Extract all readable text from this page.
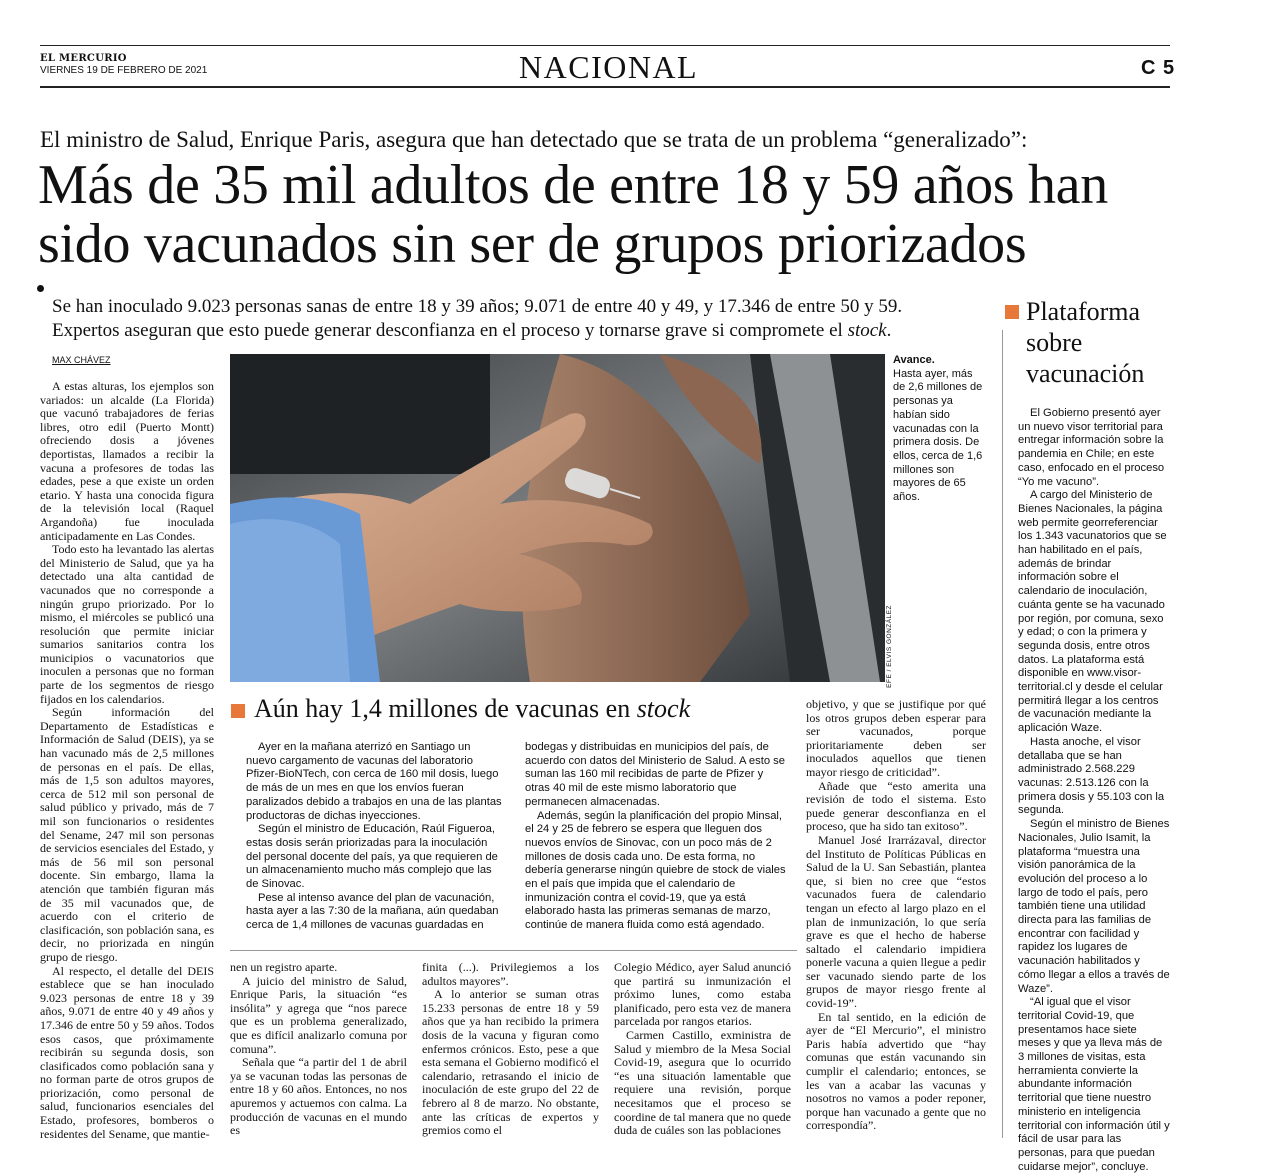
EL MERCURIO
VIERNES 19 DE FEBRERO DE 2021	NACIONAL	C 5
El ministro de Salud, Enrique Paris, asegura que han detectado que se trata de un problema “generalizado”:
Más de 35 mil adultos de entre 18 y 59 años han
sido vacunados sin ser de grupos priorizados
Se han inoculado 9.023 personas sanas de entre 18 y 39 años; 9.071 de entre 40 y 49, y 17.346 de entre 50 y 59.
Expertos aseguran que esto puede generar desconfianza en el proceso y tornarse grave si compromete el stock.
MAX CHÁVEZ

A estas alturas, los ejemplos son variados: un alcalde (La Florida) que vacunó trabajadores de ferias libres, otro edil (Puerto Montt) ofreciendo dosis a jóvenes deportistas, llamados a recibir la vacuna a profesores de todas las edades, pese a que existe un orden etario. Y hasta una conocida figura de la televisión local (Raquel Argandoña) fue inoculada anticipadamente en Las Condes.

Todo esto ha levantado las alertas del Ministerio de Salud, que ya ha detectado una alta cantidad de vacunados que no corresponde a ningún grupo priorizado. Por lo mismo, el miércoles se publicó una resolución que permite iniciar sumarios sanitarios contra los municipios o vacunatorios que inoculen a personas que no forman parte de los segmentos de riesgo fijados en los calendarios.

Según información del Departamento de Estadísticas e Información de Salud (DEIS), ya se han vacunado más de 2,5 millones de personas en el país. De ellas, más de 1,5 son adultos mayores, cerca de 512 mil son personal de salud público y privado, más de 7 mil son funcionarios o residentes del Sename, 247 mil son personas de servicios esenciales del Estado, y más de 56 mil son personal docente. Sin embargo, llama la atención que también figuran más de 35 mil vacunados que, de acuerdo con el criterio de clasificación, son población sana, es decir, no priorizada en ningún grupo de riesgo.

Al respecto, el detalle del DEIS establece que se han inoculado 9.023 personas de entre 18 y 39 años, 9.071 de entre 40 y 49 años y 17.346 de entre 50 y 59 años. Todos esos casos, que próximamente recibirán su segunda dosis, son clasificados como población sana y no forman parte de otros grupos de priorización, como personal de salud, funcionarios esenciales del Estado, profesores, bomberos o residentes del Sename, que mantie-

EFE / ELVIS GONZÁLEZ
Avance.
Hasta ayer, más de 2,6 millones de personas ya habían sido vacunadas con la primera dosis. De ellos, cerca de 1,6 millones son mayores de 65 años.
Aún hay 1,4 millones de vacunas en stock

Ayer en la mañana aterrizó en Santiago un nuevo cargamento de vacunas del laboratorio Pfizer-BioNTech, con cerca de 160 mil dosis, luego de más de un mes en que los envíos fueran paralizados debido a trabajos en una de las plantas productoras de dichas inyecciones.

Según el ministro de Educación, Raúl Figueroa, estas dosis serán priorizadas para la inoculación del personal docente del país, ya que requieren de un almacenamiento mucho más complejo que las de Sinovac.

Pese al intenso avance del plan de vacunación, hasta ayer a las 7:30 de la mañana, aún quedaban cerca de 1,4 millones de vacunas guardadas en

bodegas y distribuidas en municipios del país, de acuerdo con datos del Ministerio de Salud. A esto se suman las 160 mil recibidas de parte de Pfizer y otras 40 mil de este mismo laboratorio que permanecen almacenadas.

Además, según la planificación del propio Minsal, el 24 y 25 de febrero se espera que lleguen dos nuevos envíos de Sinovac, con un poco más de 2 millones de dosis cada uno. De esta forma, no debería generarse ningún quiebre de stock de viales en el país que impida que el calendario de inmunización contra el covid-19, que ya está elaborado hasta las primeras semanas de marzo, continúe de manera fluida como está agendado.

nen un registro aparte.

A juicio del ministro de Salud, Enrique Paris, la situación “es insólita” y agrega que “nos parece que es un problema generalizado, que es difícil analizarlo comuna por comuna”.

Señala que “a partir del 1 de abril ya se vacunan todas las personas de entre 18 y 60 años. Entonces, no nos apuremos y actuemos con calma. La producción de vacunas en el mundo es

finita (...). Privilegiemos a los adultos mayores”.

A lo anterior se suman otras 15.233 personas de entre 18 y 59 años que ya han recibido la primera dosis de la vacuna y figuran como enfermos crónicos. Esto, pese a que esta semana el Gobierno modificó el calendario, retrasando el inicio de inoculación de este grupo del 22 de febrero al 8 de marzo. No obstante, ante las críticas de expertos y gremios como el

Colegio Médico, ayer Salud anunció que partirá su inmunización el próximo lunes, como estaba planificado, pero esta vez de manera parcelada por rangos etarios.

Carmen Castillo, exministra de Salud y miembro de la Mesa Social Covid-19, asegura que lo ocurrido “es una situación lamentable que requiere una revisión, porque necesitamos que el proceso se coordine de tal manera que no quede duda de cuáles son las poblaciones

objetivo, y que se justifique por qué los otros grupos deben esperar para ser vacunados, porque prioritariamente deben ser inoculados aquellos que tienen mayor riesgo de criticidad”.

Añade que “esto amerita una revisión de todo el sistema. Esto puede generar desconfianza en el proceso, que ha sido tan exitoso”.

Manuel José Irarrázaval, director del Instituto de Políticas Públicas en Salud de la U. San Sebastián, plantea que, si bien no cree que “estos vacunados fuera de calendario tengan un efecto al largo plazo en el plan de inmunización, lo que sería grave es que el hecho de haberse saltado el calendario impidiera ponerle vacuna a quien llegue a pedir ser vacunado siendo parte de los grupos de mayor riesgo frente al covid-19”.

En tal sentido, en la edición de ayer de “El Mercurio”, el ministro Paris había advertido que “hay comunas que están vacunando sin cumplir el calendario; entonces, se les van a acabar las vacunas y nosotros no vamos a poder reponer, porque han vacunado a gente que no correspondía”.

Plataforma sobre vacunación

El Gobierno presentó ayer un nuevo visor territorial para entregar información sobre la pandemia en Chile; en este caso, enfocado en el proceso “Yo me vacuno”.

A cargo del Ministerio de Bienes Nacionales, la página web permite georreferenciar los 1.343 vacunatorios que se han habilitado en el país, además de brindar información sobre el calendario de inoculación, cuánta gente se ha vacunado por región, por comuna, sexo y edad; o con la primera y segunda dosis, entre otros datos. La plataforma está disponible en www.visor-territorial.cl y desde el celular permitirá llegar a los centros de vacunación mediante la aplicación Waze.

Hasta anoche, el visor detallaba que se han administrado 2.568.229 vacunas: 2.513.126 con la primera dosis y 55.103 con la segunda.

Según el ministro de Bienes Nacionales, Julio Isamit, la plataforma “muestra una visión panorámica de la evolución del proceso a lo largo de todo el país, pero también tiene una utilidad directa para las familias de encontrar con facilidad y rapidez los lugares de vacunación habilitados y cómo llegar a ellos a través de Waze”.

“Al igual que el visor territorial Covid-19, que presentamos hace siete meses y que ya lleva más de 3 millones de visitas, esta herramienta convierte la abundante información territorial que tiene nuestro ministerio en inteligencia territorial con información útil y fácil de usar para las personas, para que puedan cuidarse mejor”, concluye.
